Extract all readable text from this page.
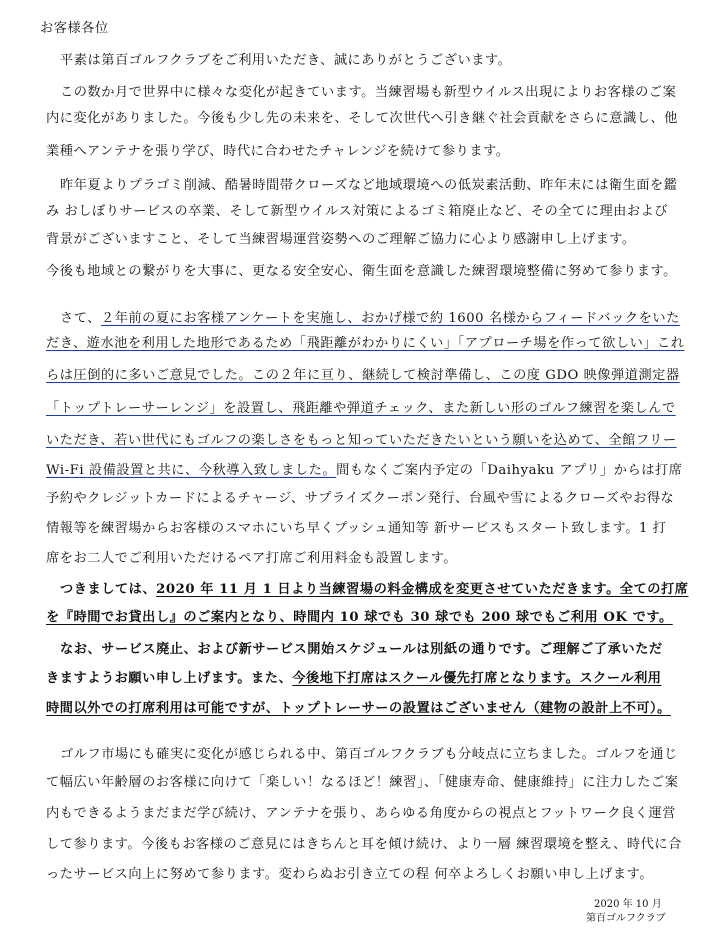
お客様各位
平素は第百ゴルフクラブをご利用いただき、誠にありがとうございます。
この数か月で世界中に様々な変化が起きています。当練習場も新型ウイルス出現によりお客様のご案
内に変化がありました。今後も少し先の未来を、そして次世代へ引き継ぐ社会貢献をさらに意識し、他
業種へアンテナを張り学び、時代に合わせたチャレンジを続けて参ります。
昨年夏よりプラゴミ削減、酷暑時間帯クローズなど地域環境への低炭素活動、昨年末には衛生面を鑑
み おしぼりサービスの卒業、そして新型ウイルス対策によるゴミ箱廃止など、その全てに理由および
背景がございますこと、そして当練習場運営姿勢へのご理解ご協力に心より感謝申し上げます。
今後も地域との繋がりを大事に、更なる安全安心、衛生面を意識した練習環境整備に努めて参ります。
さて、２年前の夏にお客様アンケートを実施し、おかげ様で約 1600 名様からフィードバックをいた
だき、遊水池を利用した地形であるため「飛距離がわかりにくい」「アプローチ場を作って欲しい」これ
らは圧倒的に多いご意見でした。この２年に亘り、継続して検討準備し、この度 GDO 映像弾道測定器
「トップトレーサーレンジ」を設置し、飛距離や弾道チェック、また新しい形のゴルフ練習を楽しんで
いただき、若い世代にもゴルフの楽しさをもっと知っていただきたいという願いを込めて、全館フリー
Wi-Fi 設備設置と共に、今秋導入致しました。間もなくご案内予定の「Daihyaku アプリ」からは打席
予約やクレジットカードによるチャージ、サプライズクーポン発行、台風や雪によるクローズやお得な
情報等を練習場からお客様のスマホにいち早くプッシュ通知等 新サービスもスタート致します。1 打
席をお二人でご利用いただけるペア打席ご利用料金も設置します。
つきましては、2020 年 11 月 1 日より当練習場の料金構成を変更させていただきます。全ての打席
を『時間でお貸出し』のご案内となり、時間内 10 球でも 30 球でも 200 球でもご利用 OK です。
なお、サービス廃止、および新サービス開始スケジュールは別紙の通りです。ご理解ご了承いただ
きますようお願い申し上げます。また、今後地下打席はスクール優先打席となります。スクール利用
時間以外での打席利用は可能ですが、トップトレーサーの設置はございません（建物の設計上不可）。
ゴルフ市場にも確実に変化が感じられる中、第百ゴルフクラブも分岐点に立ちました。ゴルフを通じ
て幅広い年齢層のお客様に向けて「楽しい！なるほど！練習」、「健康寿命、健康維持」に注力したご案
内もできるようまだまだ学び続け、アンテナを張り、あらゆる角度からの視点とフットワーク良く運営
して参ります。今後もお客様のご意見にはきちんと耳を傾け続け、より一層 練習環境を整え、時代に合
ったサービス向上に努めて参ります。変わらぬお引き立ての程 何卒よろしくお願い申し上げます。
2020 年 10 月
第百ゴルフクラブ
